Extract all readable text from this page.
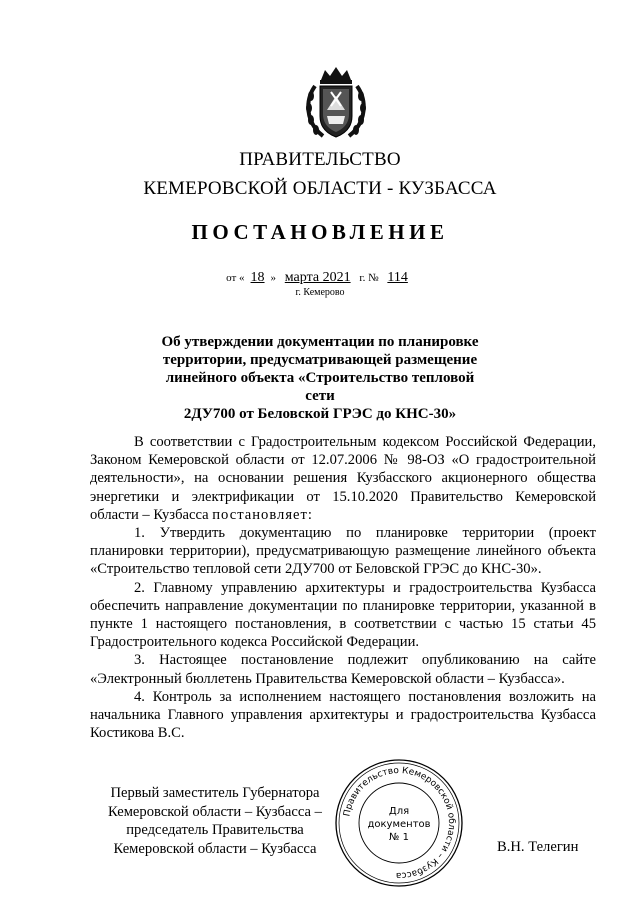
ПРАВИТЕЛЬСТВО
КЕМЕРОВСКОЙ ОБЛАСТИ - КУЗБАССА
ПОСТАНОВЛЕНИЕ
от « 18 » марта 2021 г. № 114
г. Кемерово
Об утверждении документации по планировке
территории, предусматривающей размещение
линейного объекта «Строительство тепловой сети
2ДУ700 от Беловской ГРЭС до КНС-30»

В соответствии с Градостроительным кодексом Российской Федерации, Законом Кемеровской области от 12.07.2006 № 98-ОЗ «О градостроительной деятельности», на основании решения Кузбасского акционерного общества энергетики и электрификации от 15.10.2020 Правительство Кемеровской области – Кузбасса постановляет:

1. Утвердить документацию по планировке территории (проект планировки территории), предусматривающую размещение линейного объекта «Строительство тепловой сети 2ДУ700 от Беловской ГРЭС до КНС-30».

2. Главному управлению архитектуры и градостроительства Кузбасса обеспечить направление документации по планировке территории, указанной в пункте 1 настоящего постановления, в соответствии с частью 15 статьи 45 Градостроительного кодекса Российской Федерации.

3. Настоящее постановление подлежит опубликованию на сайте «Электронный бюллетень Правительства Кемеровской области – Кузбасса».

4. Контроль за исполнением настоящего постановления возложить на начальника Главного управления архитектуры и градостроительства Кузбасса Костикова В.С.

Первый заместитель Губернатора
Кемеровской области – Кузбасса –
председатель Правительства
Кемеровской области – Кузбасса	В.Н. Телегин
Правительство Кемеровской области – Кузбасса
Для
документов
№ 1
